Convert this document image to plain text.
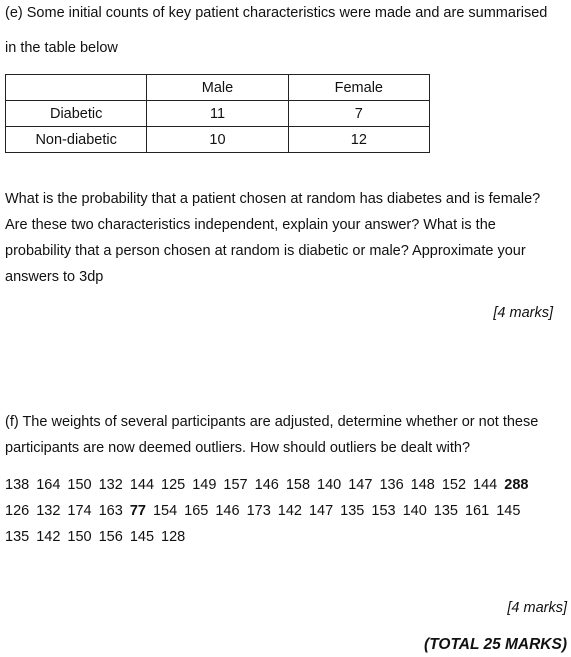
(e) Some initial counts of key patient characteristics were made and are summarised
in the table below
	Male	Female
Diabetic	11	7
Non-diabetic	10	12
What is the probability that a patient chosen at random has diabetes and is female?
Are these two characteristics independent, explain your answer? What is the
probability that a person chosen at random is diabetic or male? Approximate your
answers to 3dp
[4 marks]
(f) The weights of several participants are adjusted, determine whether or not these
participants are now deemed outliers. How should outliers be dealt with?
138 164 150 132 144 125 149 157 146 158 140 147 136 148 152 144 288
126 132 174 163 77 154 165 146 173 142 147 135 153 140 135 161 145
135 142 150 156 145 128
[4 marks]
(TOTAL 25 MARKS)
